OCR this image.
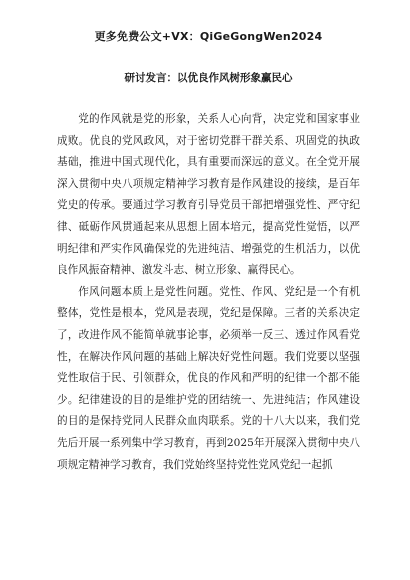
更多免费公文+VX：QiGeGongWen2024
研讨发言：以优良作风树形象赢民心

党的作风就是党的形象，关系人心向背，决定党和国家事业成败。优良的党风政风，对于密切党群干群关系、巩固党的执政基础，推进中国式现代化，具有重要而深远的意义。在全党开展深入贯彻中央八项规定精神学习教育是作风建设的接续，是百年党史的传承。要通过学习教育引导党员干部把增强党性、严守纪律、砥砺作风贯通起来从思想上固本培元，提高党性觉悟，以严明纪律和严实作风确保党的先进纯洁、增强党的生机活力，以优良作风振奋精神、激发斗志、树立形象、赢得民心。

作风问题本质上是党性问题。党性、作风、党纪是一个有机整体，党性是根本，党风是表现，党纪是保障。三者的关系决定了，改进作风不能简单就事论事，必须举一反三、透过作风看党性，在解决作风问题的基础上解决好党性问题。我们党要以坚强党性取信于民、引领群众，优良的作风和严明的纪律一个都不能少。纪律建设的目的是维护党的团结统一、先进纯洁；作风建设的目的是保持党同人民群众血肉联系。党的十八大以来，我们党先后开展一系列集中学习教育，再到2025年开展深入贯彻中央八项规定精神学习教育，我们党始终坚持党性党风党纪一起抓
